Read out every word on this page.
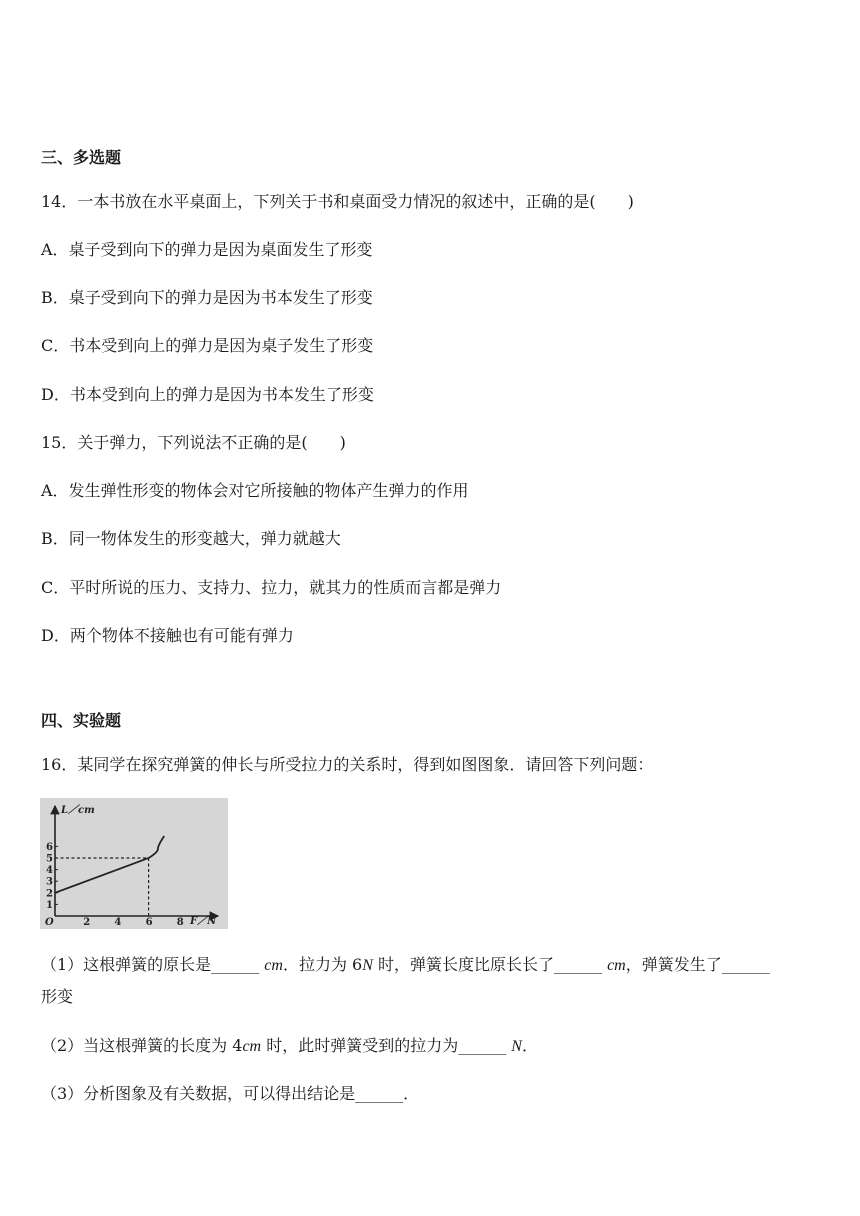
三、多选题
14．一本书放在水平桌面上，下列关于书和桌面受力情况的叙述中，正确的是(　　)
A．桌子受到向下的弹力是因为桌面发生了形变
B．桌子受到向下的弹力是因为书本发生了形变
C．书本受到向上的弹力是因为桌子发生了形变
D．书本受到向上的弹力是因为书本发生了形变
15．关于弹力，下列说法不正确的是(　　)
A．发生弹性形变的物体会对它所接触的物体产生弹力的作用
B．同一物体发生的形变越大，弹力就越大
C．平时所说的压力、支持力、拉力，就其力的性质而言都是弹力
D．两个物体不接触也有可能有弹力
四、实验题
16．某同学在探究弹簧的伸长与所受拉力的关系时，得到如图图象．请回答下列问题：
L／cm
F／N
O
1
2
3
4
5
6
2 4 6 8
（1）这根弹簧的原长是______ cm．拉力为 6N 时，弹簧长度比原长长了______ cm，弹簧发生了______
形变
（2）当这根弹簧的长度为 4cm 时，此时弹簧受到的拉力为______ N．
（3）分析图象及有关数据，可以得出结论是______．
